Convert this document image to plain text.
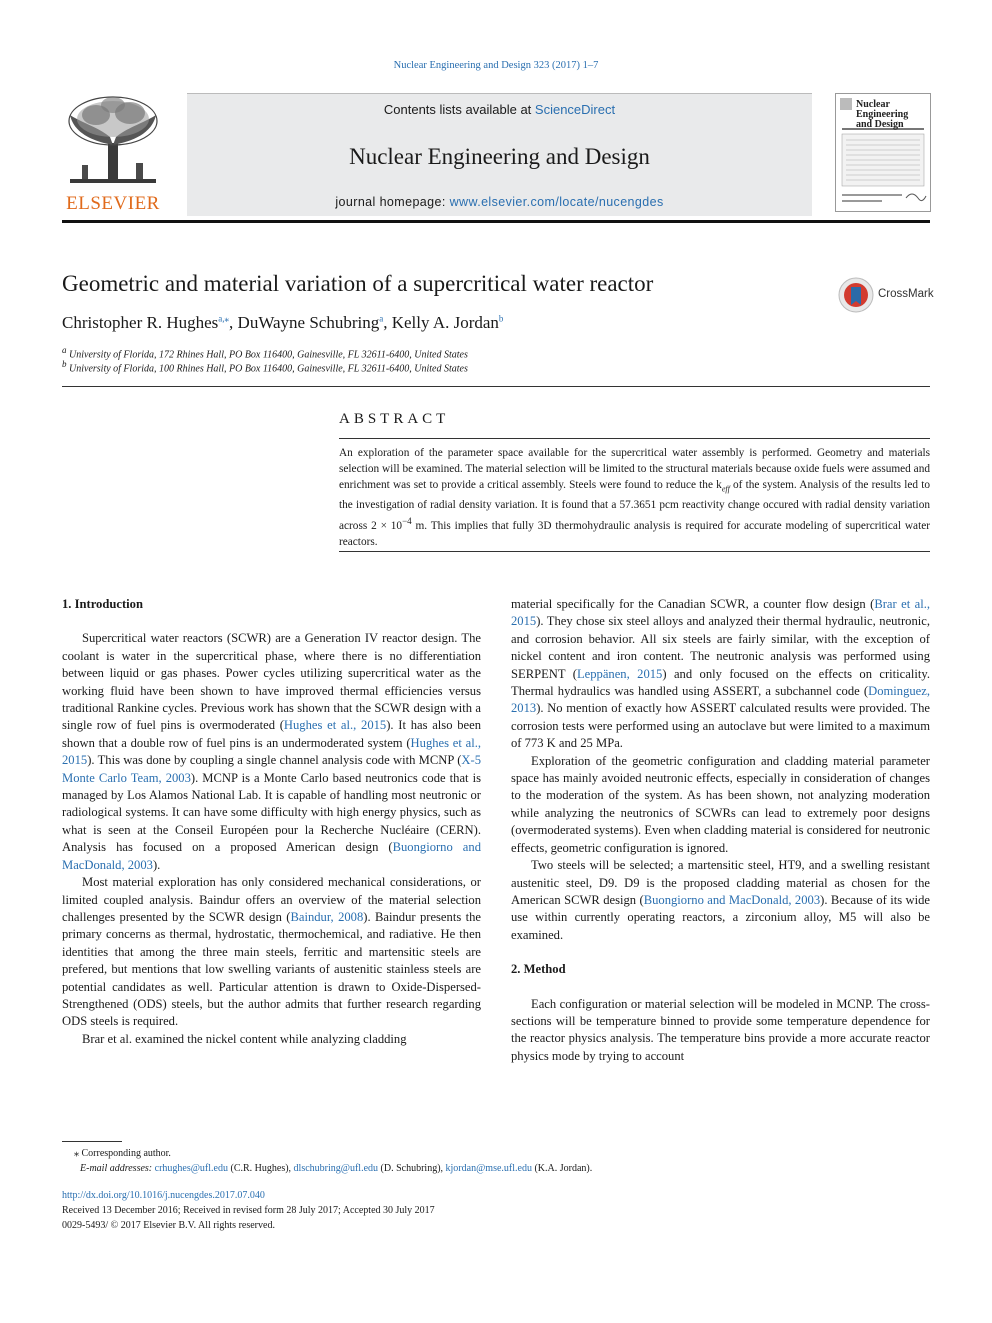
Nuclear Engineering and Design 323 (2017) 1–7
ELSEVIER
Contents lists available at ScienceDirect
Nuclear Engineering and Design
journal homepage: www.elsevier.com/locate/nucengdes
Nuclear Engineering
and Design
Geometric and material variation of a supercritical water reactor	CrossMark
Christopher R. Hughes$^{a,⁎}$, DuWayne Schubring$^a$, Kelly A. Jordan$^b$
$^a$ University of Florida, 172 Rhines Hall, PO Box 116400, Gainesville, FL 32611-6400, United States
$^b$ University of Florida, 100 Rhines Hall, PO Box 116400, Gainesville, FL 32611-6400, United States
ABSTRACT
An exploration of the parameter space available for the supercritical water assembly is performed. Geometry and materials selection will be examined. The material selection will be limited to the structural materials because oxide fuels were assumed and enrichment was set to provide a critical assembly. Steels were found to reduce the $k_{eff}$ of the system. Analysis of the results led to the investigation of radial density variation. It is found that a 57.3651 pcm reactivity change occured with radial density variation across $2 \times 10^{-4}$ m. This implies that fully 3D thermohydraulic analysis is required for accurate modeling of supercritical water reactors.

1. Introduction

Supercritical water reactors (SCWR) are a Generation IV reactor design. The coolant is water in the supercritical phase, where there is no differentiation between liquid or gas phases. Power cycles utilizing supercritical water as the working fluid have been shown to have improved thermal efficiencies versus traditional Rankine cycles. Previous work has shown that the SCWR design with a single row of fuel pins is overmoderated (Hughes et al., 2015). It has also been shown that a double row of fuel pins is an undermoderated system (Hughes et al., 2015). This was done by coupling a single channel analysis code with MCNP (X-5 Monte Carlo Team, 2003). MCNP is a Monte Carlo based neutronics code that is managed by Los Alamos National Lab. It is capable of handling most neutronic or radiological systems. It can have some difficulty with high energy physics, such as what is seen at the Conseil Européen pour la Recherche Nucléaire (CERN). Analysis has focused on a proposed American design (Buongiorno and MacDonald, 2003).

Most material exploration has only considered mechanical considerations, or limited coupled analysis. Baindur offers an overview of the material selection challenges presented by the SCWR design (Baindur, 2008). Baindur presents the primary concerns as thermal, hydrostatic, thermochemical, and radiative. He then identities that among the three main steels, ferritic and martensitic steels are prefered, but mentions that low swelling variants of austenitic stainless steels are potential candidates as well. Particular attention is drawn to Oxide-Dispersed-Strengthened (ODS) steels, but the author admits that further research regarding ODS steels is required.

Brar et al. examined the nickel content while analyzing cladding

material specifically for the Canadian SCWR, a counter flow design (Brar et al., 2015). They chose six steel alloys and analyzed their thermal hydraulic, neutronic, and corrosion behavior. All six steels are fairly similar, with the exception of nickel content and iron content. The neutronic analysis was performed using SERPENT (Leppänen, 2015) and only focused on the effects on criticality. Thermal hydraulics was handled using ASSERT, a subchannel code (Dominguez, 2013). No mention of exactly how ASSERT calculated results were provided. The corrosion tests were performed using an autoclave but were limited to a maximum of 773 K and 25 MPa.

Exploration of the geometric configuration and cladding material parameter space has mainly avoided neutronic effects, especially in consideration of changes to the moderation of the system. As has been shown, not analyzing moderation while analyzing the neutronics of SCWRs can lead to extremely poor designs (overmoderated systems). Even when cladding material is considered for neutronic effects, geometric configuration is ignored.

Two steels will be selected; a martensitic steel, HT9, and a swelling resistant austenitic steel, D9. D9 is the proposed cladding material as chosen for the American SCWR design (Buongiorno and MacDonald, 2003). Because of its wide use within currently operating reactors, a zirconium alloy, M5 will also be examined.

2. Method

Each configuration or material selection will be modeled in MCNP. The cross-sections will be temperature binned to provide some temperature dependence for the reactor physics analysis. The temperature bins provide a more accurate reactor physics mode by trying to account

⁎ Corresponding author.
E-mail addresses: crhughes@ufl.edu (C.R. Hughes), dlschubring@ufl.edu (D. Schubring), kjordan@mse.ufl.edu (K.A. Jordan).
http://dx.doi.org/10.1016/j.nucengdes.2017.07.040
Received 13 December 2016; Received in revised form 28 July 2017; Accepted 30 July 2017
0029-5493/ © 2017 Elsevier B.V. All rights reserved.
